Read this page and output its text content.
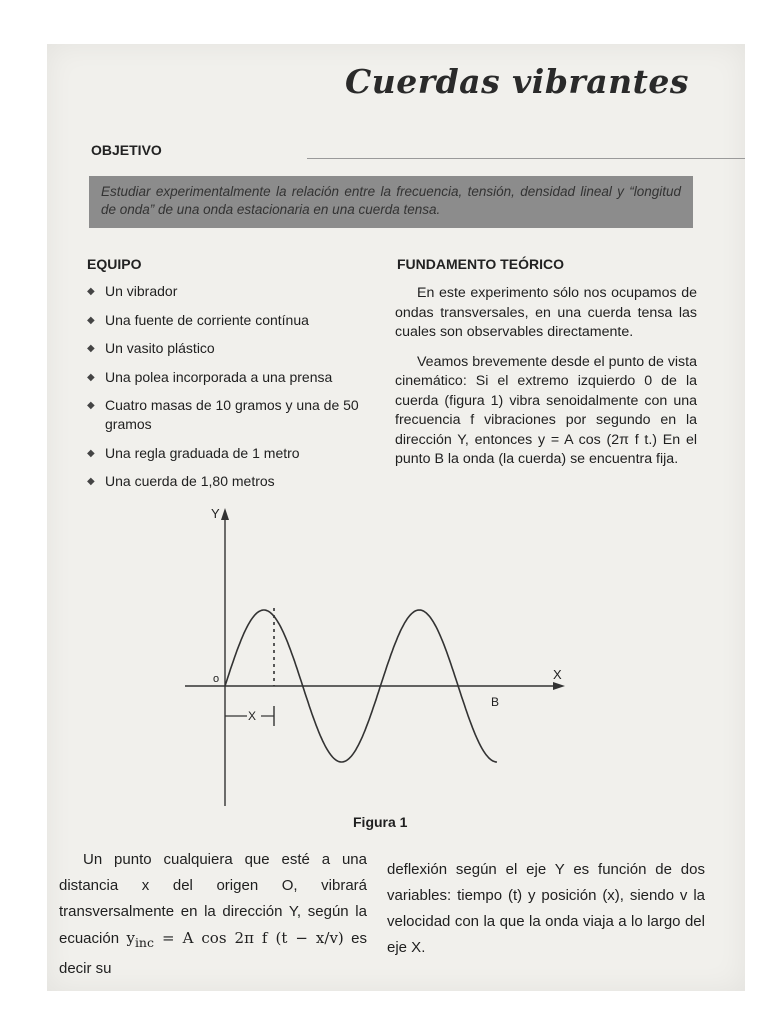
Cuerdas vibrantes
OBJETIVO
Estudiar experimentalmente la relación entre la frecuencia, tensión, densidad lineal y “longitud de onda” de una onda estacionaria en una cuerda tensa.
EQUIPO
◆ Un vibrador
◆ Una fuente de corriente contínua
◆ Un vasito plástico
◆ Una polea incorporada a una prensa
◆ Cuatro masas de 10 gramos y una de 50 gramos
◆ Una regla graduada de 1 metro
◆ Una cuerda de 1,80 metros
FUNDAMENTO TEÓRICO

En este experimento sólo nos ocupamos de ondas transversales, en una cuerda tensa las cuales son observables directamente.

Veamos brevemente desde el punto de vista cinemático: Si el extremo izquierdo 0 de la cuerda (figura 1) vibra senoidalmente con una frecuencia f vibraciones por segundo en la dirección Y, entonces y = A cos (2π f t.) En el punto B la onda (la cuerda) se encuentra fija.

X
Y
X
o
B
Figura 1
Un punto cualquiera que esté a una distancia x del origen O, vibrará transversalmente en la dirección Y, según la ecuación $y_{inc} = A$ cos 2π f (t − x/v) es decir su
deflexión según el eje Y es función de dos variables: tiempo (t) y posición (x), siendo v la velocidad con la que la onda viaja a lo largo del eje X.
